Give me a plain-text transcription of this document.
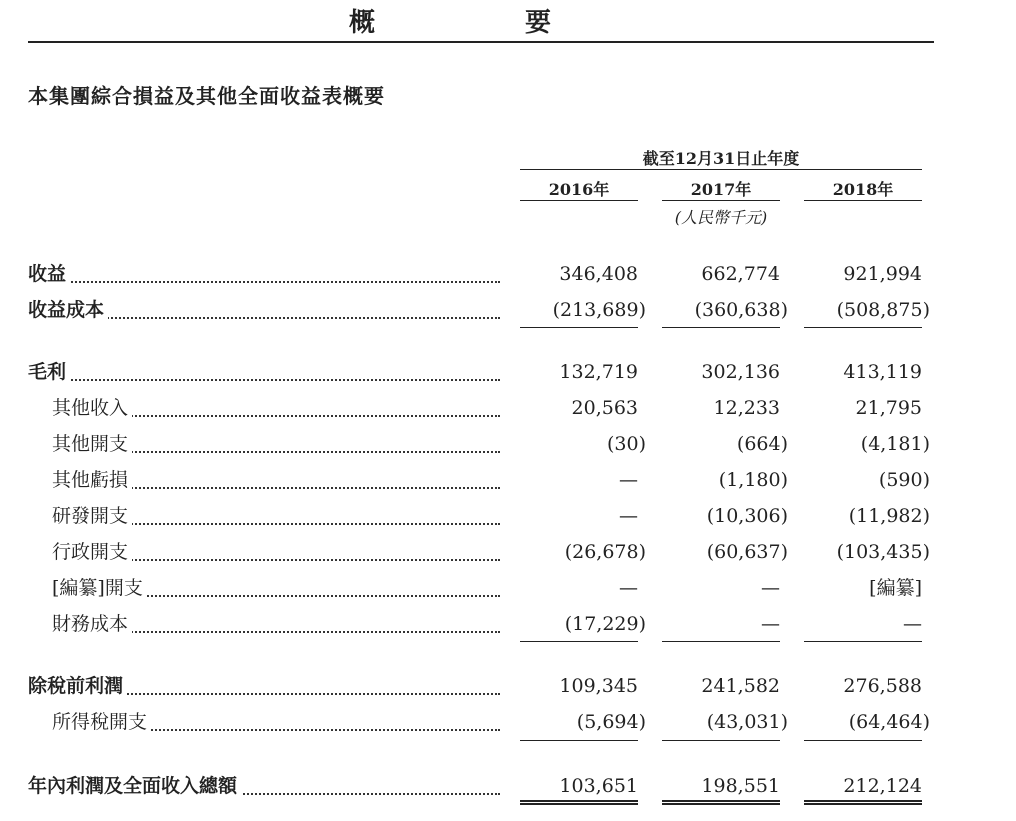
概　要
本集團綜合損益及其他全面收益表概要
截至12月31日止年度
2016年	2017年	2018年
(人民幣千元)
收益	346,408	662,774	921,994
收益成本	(213,689)	(360,638)	(508,875)
毛利	132,719	302,136	413,119
其他收入	20,563	12,233	21,795
其他開支	(30)	(664)	(4,181)
其他虧損	—	(1,180)	(590)
研發開支	—	(10,306)	(11,982)
行政開支	(26,678)	(60,637)	(103,435)
[編纂]開支	—	—	[編纂]
財務成本	(17,229)	—	—
除稅前利潤	109,345	241,582	276,588
所得稅開支	(5,694)	(43,031)	(64,464)
年內利潤及全面收入總額	103,651	198,551	212,124
